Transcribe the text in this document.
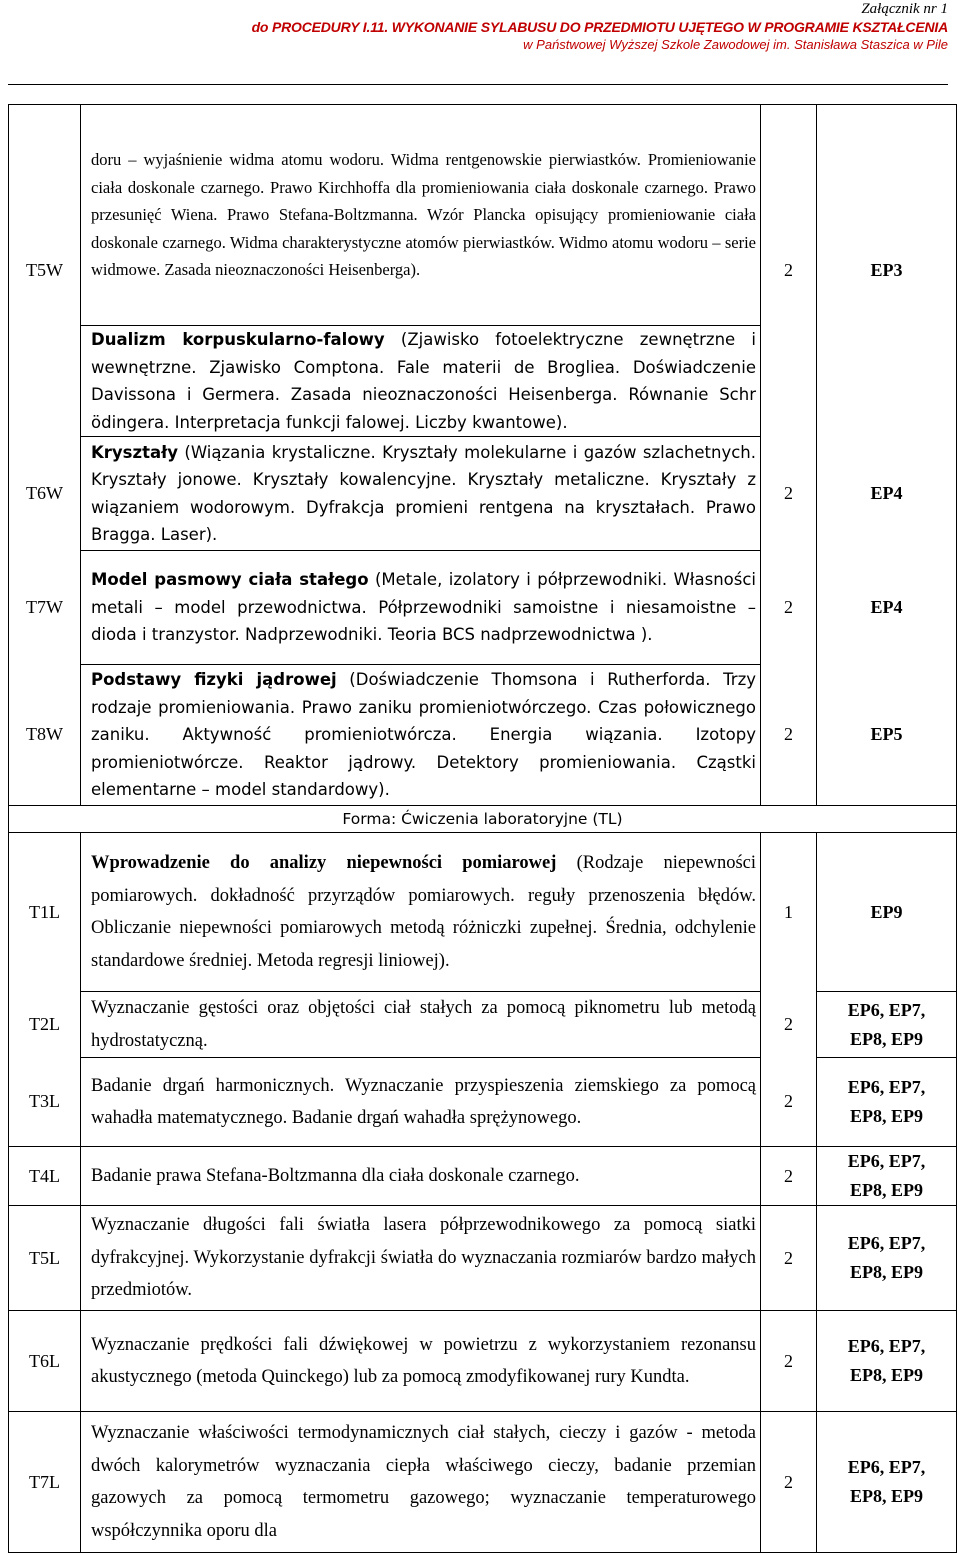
Załącznik nr 1
do PROCEDURY I.11. WYKONANIE SYLABUSU DO PRZEDMIOTU UJĘTEGO W PROGRAMIE KSZTAŁCENIA
w Państwowej Wyższej Szkole Zawodowej im. Stanisława Staszica w Pile
T5W	doru – wyjaśnienie widma atomu wodoru. Widma rentgenowskie pierwiastków. Promieniowanie ciała doskonale czarnego. Prawo Kirchhoffa dla promieniowania ciała doskonale czarnego. Prawo przesunięć Wiena. Prawo Stefana-Boltzmanna. Wzór Plancka opisujący promieniowanie ciała doskonale czarnego. Widma charakterystyczne atomów pierwiastków. Widmo atomu wodoru – serie widmowe. Zasada nieoznaczoności Heisenberga).	2	EP3
	Dualizm korpuskularno-falowy (Zjawisko fotoelektryczne zewnętrzne i wewnętrzne. Zjawisko Comptona. Fale materii de Brogliea. Doświadczenie Davissona i Germera. Zasada nieoznaczoności Heisenberga. Równanie Schr ödingera. Interpretacja funkcji falowej. Liczby kwantowe).		
T6W	Kryształy (Wiązania krystaliczne. Kryształy molekularne i gazów szlachetnych. Kryształy jonowe. Kryształy kowalencyjne. Kryształy metaliczne. Kryształy z wiązaniem wodorowym. Dyfrakcja promieni rentgena na kryształach. Prawo Bragga. Laser).	2	EP4
T7W	Model pasmowy ciała stałego (Metale, izolatory i półprzewodniki. Własności metali – model przewodnictwa. Półprzewodniki samoistne i niesamoistne – dioda i tranzystor. Nadprzewodniki. Teoria BCS nadprzewodnictwa ).	2	EP4
T8W	Podstawy fizyki jądrowej (Doświadczenie Thomsona i Rutherforda. Trzy rodzaje promieniowania. Prawo zaniku promieniotwórczego. Czas połowicznego zaniku. Aktywność promieniotwórcza. Energia wiązania. Izotopy promieniotwórcze. Reaktor jądrowy. Detektory promieniowania. Cząstki elementarne – model standardowy).	2	EP5
Forma: Ćwiczenia laboratoryjne (TL)			
T1L	Wprowadzenie do analizy niepewności pomiarowej (Rodzaje niepewności pomiarowych. dokładność przyrządów pomiarowych. reguły przenoszenia błędów. Obliczanie niepewności pomiarowych metodą różniczki zupełnej. Średnia, odchylenie standardowe średniej. Metoda regresji liniowej).	1	EP9
T2L	Wyznaczanie gęstości oraz objętości ciał stałych za pomocą piknometru lub metodą hydrostatyczną.	2	EP6, EP7,
EP8, EP9

T3L	Badanie drgań harmonicznych. Wyznaczanie przyspieszenia ziemskiego za pomocą wahadła matematycznego. Badanie drgań wahadła sprężynowego.	2	EP6, EP7,
EP8, EP9

T4L	Badanie prawa Stefana-Boltzmanna dla ciała doskonale czarnego.	2	EP6, EP7,
EP8, EP9

T5L	Wyznaczanie długości fali światła lasera półprzewodnikowego za pomocą siatki dyfrakcyjnej. Wykorzystanie dyfrakcji światła do wyznaczania rozmiarów bardzo małych przedmiotów.	2	EP6, EP7,
EP8, EP9

T6L	Wyznaczanie prędkości fali dźwiękowej w powietrzu z wykorzystaniem rezonansu akustycznego (metoda Quinckego) lub za pomocą zmodyfikowanej rury Kundta.	2	EP6, EP7,
EP8, EP9

T7L	Wyznaczanie właściwości termodynamicznych ciał stałych, cieczy i gazów - metoda dwóch kalorymetrów wyznaczania ciepła właściwego cieczy, badanie przemian gazowych za pomocą termometru gazowego; wyznaczanie temperaturowego współczynnika oporu dla	2	EP6, EP7,
EP8, EP9
